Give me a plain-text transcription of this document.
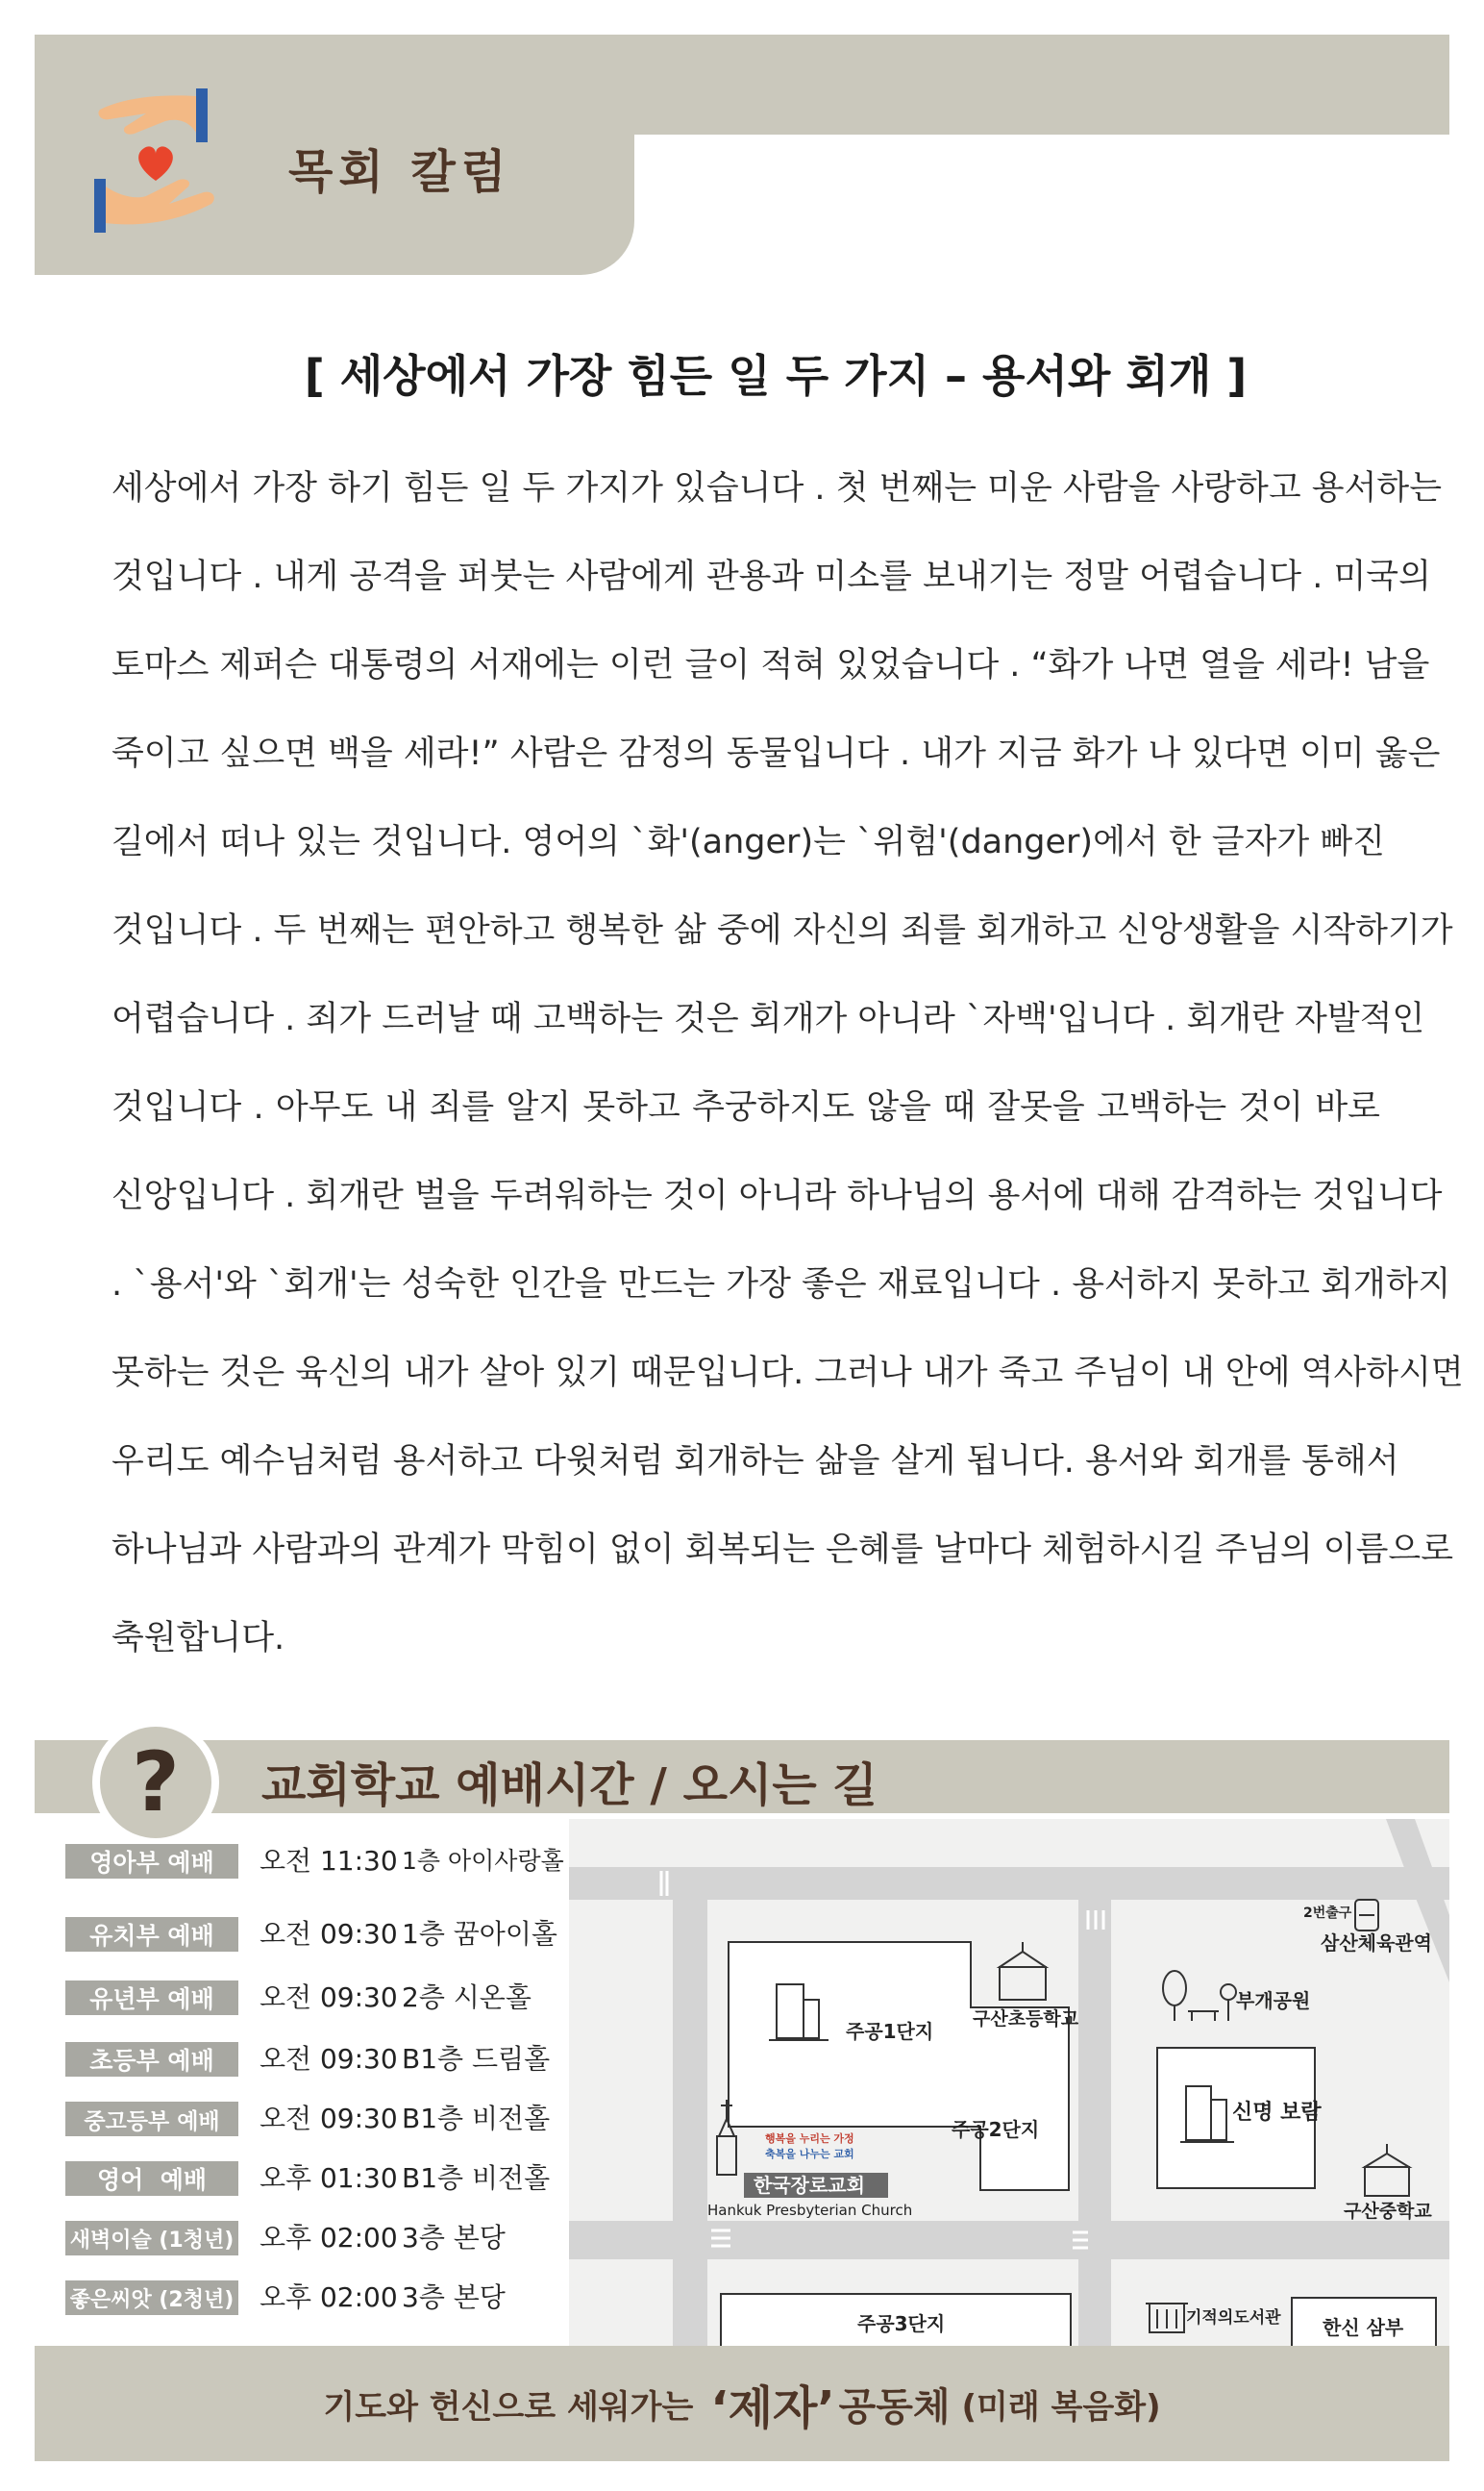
목회 칼럼
[ 세상에서 가장 힘든 일 두 가지 – 용서와 회개 ]

세상에서 가장 하기 힘든 일 두 가지가 있습니다 . 첫 번째는 미운 사람을 사랑하고 용서하는

것입니다 . 내게 공격을 퍼붓는 사람에게 관용과 미소를 보내기는 정말 어렵습니다 . 미국의

토마스 제퍼슨 대통령의 서재에는 이런 글이 적혀 있었습니다 . “화가 나면 열을 세라! 남을

죽이고 싶으면 백을 세라!” 사람은 감정의 동물입니다 . 내가 지금 화가 나 있다면 이미 옳은

길에서 떠나 있는 것입니다. 영어의 `화'(anger)는 `위험'(danger)에서 한 글자가 빠진

것입니다 . 두 번째는 편안하고 행복한 삶 중에 자신의 죄를 회개하고 신앙생활을 시작하기가

어렵습니다 . 죄가 드러날 때 고백하는 것은 회개가 아니라 `자백'입니다 . 회개란 자발적인

것입니다 . 아무도 내 죄를 알지 못하고 추궁하지도 않을 때 잘못을 고백하는 것이 바로

신앙입니다 . 회개란 벌을 두려워하는 것이 아니라 하나님의 용서에 대해 감격하는 것입니다

. `용서'와 `회개'는 성숙한 인간을 만드는 가장 좋은 재료입니다 . 용서하지 못하고 회개하지

못하는 것은 육신의 내가 살아 있기 때문입니다. 그러나 내가 죽고 주님이 내 안에 역사하시면

우리도 예수님처럼 용서하고 다윗처럼 회개하는 삶을 살게 됩니다. 용서와 회개를 통해서

하나님과 사람과의 관계가 막힘이 없이 회복되는 은혜를 날마다 체험하시길 주님의 이름으로

축원합니다.

?	교회학교 예배시간 / 오시는 길
영아부 예배	오전 11:30 1층 아이사랑홀
유치부 예배	오전 09:30 1층 꿈아이홀
유년부 예배	오전 09:30 2층 시온홀
초등부 예배	오전 09:30 B1층 드림홀
중고등부 예배	오전 09:30 B1층 비전홀
영어  예배	오후 01:30 B1층 비전홀
새벽이슬 (1청년) 오후 02:00 3층 본당
좋은씨앗 (2청년) 오후 02:00 3층 본당
2번출구
삼산체육관역
부개공원
주공1단지
구산초등학교
주공2단지
신명 보람
구산중학교
행복을 누리는 가정
축복을 나누는 교회
한국장로교회
Hankuk Presbyterian Church
주공3단지	기적의도서관 한신 삼부
기도와 헌신으로 세워가는 ‘제자’ 공동체 (미래 복음화)
